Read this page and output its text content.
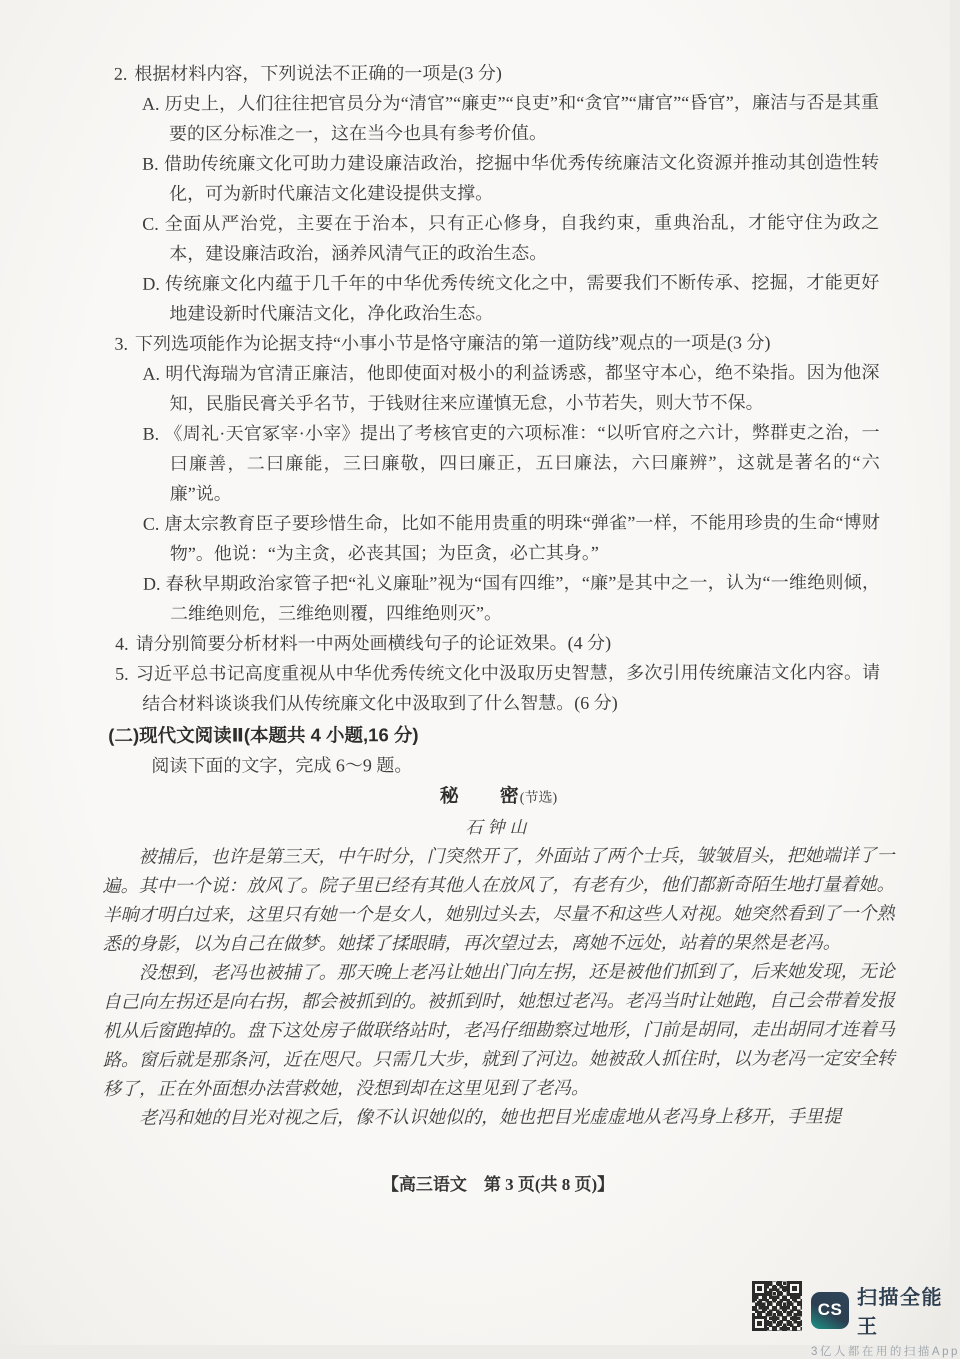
2. 根据材料内容，下列说法不正确的一项是(3 分)

A. 历史上，人们往往把官员分为“清官”“廉吏”“良吏”和“贪官”“庸官”“昏官”，廉洁与否是其重要的区分标准之一，这在当今也具有参考价值。

B. 借助传统廉文化可助力建设廉洁政治，挖掘中华优秀传统廉洁文化资源并推动其创造性转化，可为新时代廉洁文化建设提供支撑。

C. 全面从严治党，主要在于治本，只有正心修身，自我约束，重典治乱，才能守住为政之本，建设廉洁政治，涵养风清气正的政治生态。

D. 传统廉文化内蕴于几千年的中华优秀传统文化之中，需要我们不断传承、挖掘，才能更好地建设新时代廉洁文化，净化政治生态。

3. 下列选项能作为论据支持“小事小节是恪守廉洁的第一道防线”观点的一项是(3 分)

A. 明代海瑞为官清正廉洁，他即使面对极小的利益诱惑，都坚守本心，绝不染指。因为他深知，民脂民膏关乎名节，于钱财往来应谨慎无怠，小节若失，则大节不保。

B. 《周礼·天官冢宰·小宰》提出了考核官吏的六项标准：“以听官府之六计，弊群吏之治，一曰廉善，二曰廉能，三曰廉敬，四曰廉正，五曰廉法，六曰廉辨”，这就是著名的“六廉”说。

C. 唐太宗教育臣子要珍惜生命，比如不能用贵重的明珠“弹雀”一样，不能用珍贵的生命“博财物”。他说：“为主贪，必丧其国；为臣贪，必亡其身。”

D. 春秋早期政治家管子把“礼义廉耻”视为“国有四维”，“廉”是其中之一，认为“一维绝则倾，二维绝则危，三维绝则覆，四维绝则灭”。

4. 请分别简要分析材料一中两处画横线句子的论证效果。(4 分)

5. 习近平总书记高度重视从中华优秀传统文化中汲取历史智慧，多次引用传统廉洁文化内容。请结合材料谈谈我们从传统廉文化中汲取到了什么智慧。(6 分)

(二)现代文阅读Ⅱ(本题共 4 小题,16 分)

阅读下面的文字，完成 6～9 题。

秘　　密(节选)
石钟山

被捕后，也许是第三天，中午时分，门突然开了，外面站了两个士兵，皱皱眉头，把她端详了一遍。其中一个说：放风了。院子里已经有其他人在放风了，有老有少，他们都新奇陌生地打量着她。半晌才明白过来，这里只有她一个是女人，她别过头去，尽量不和这些人对视。她突然看到了一个熟悉的身影，以为自己在做梦。她揉了揉眼睛，再次望过去，离她不远处，站着的果然是老冯。

没想到，老冯也被捕了。那天晚上老冯让她出门向左拐，还是被他们抓到了，后来她发现，无论自己向左拐还是向右拐，都会被抓到的。被抓到时，她想过老冯。老冯当时让她跑，自己会带着发报机从后窗跑掉的。盘下这处房子做联络站时，老冯仔细勘察过地形，门前是胡同，走出胡同才连着马路。窗后就是那条河，近在咫尺。只需几大步，就到了河边。她被敌人抓住时，以为老冯一定安全转移了，正在外面想办法营救她，没想到却在这里见到了老冯。

老冯和她的目光对视之后，像不认识她似的，她也把目光虚虚地从老冯身上移开，手里提

【高三语文　第 3 页(共 8 页)】
CS
扫描全能王
3亿人都在用的扫描App
